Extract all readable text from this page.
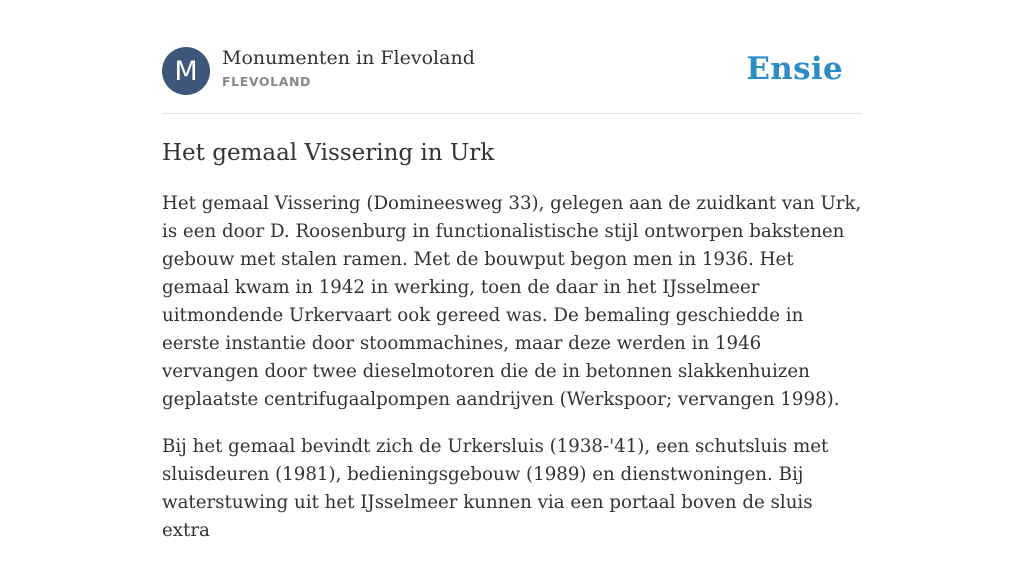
M	Monumenten in Flevoland
FLEVOLAND	Ensie
Het gemaal Vissering in Urk

Het gemaal Vissering (Domineesweg 33), gelegen aan de zuidkant van Urk, is een door D. Roosenburg in functionalistische stijl ontworpen bakstenen gebouw met stalen ramen. Met de bouwput begon men in 1936. Het gemaal kwam in 1942 in werking, toen de daar in het IJsselmeer uitmondende Urkervaart ook gereed was. De bemaling geschiedde in eerste instantie door stoommachines, maar deze werden in 1946 vervangen door twee dieselmotoren die de in betonnen slakkenhuizen geplaatste centrifugaalpompen aandrijven (Werkspoor; vervangen 1998).

Bij het gemaal bevindt zich de Urkersluis (1938-'41), een schutsluis met sluisdeuren (1981), bedieningsgebouw (1989) en dienstwoningen. Bij waterstuwing uit het IJsselmeer kunnen via een portaal boven de sluis extra
